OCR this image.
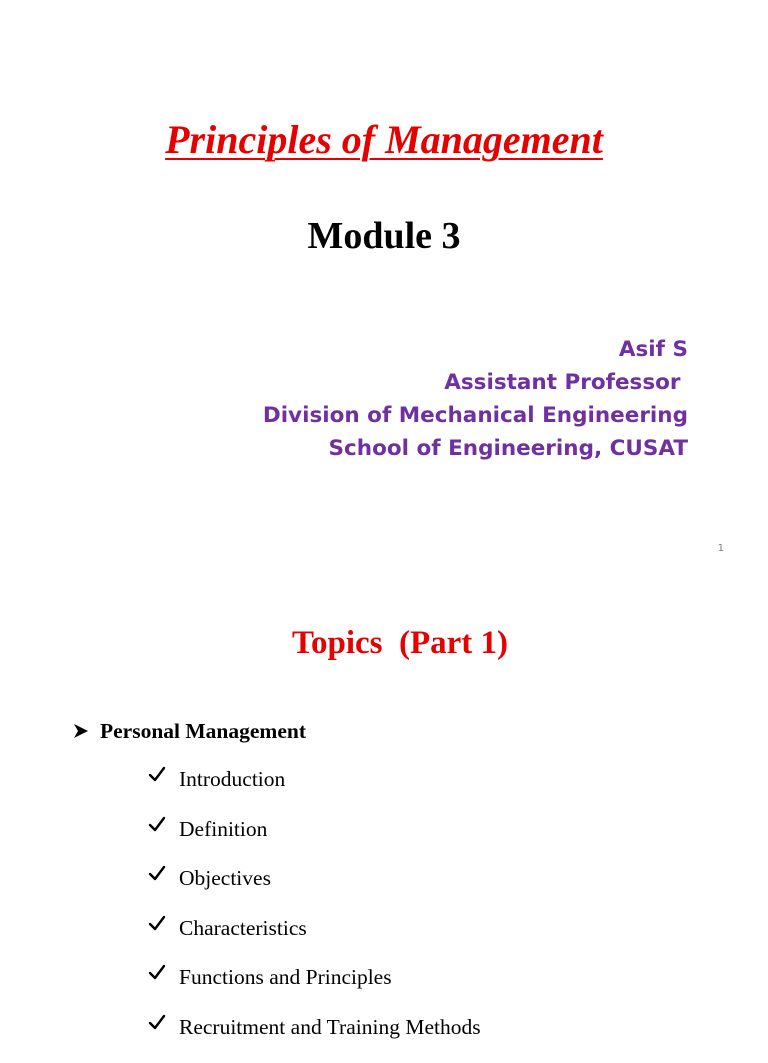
Principles of Management
Module 3
Asif S
Assistant Professor
Division of Mechanical Engineering
School of Engineering, CUSAT
1
Topics  (Part 1)
Personal Management
Introduction
Definition
Objectives
Characteristics
Functions and Principles
Recruitment and Training Methods
